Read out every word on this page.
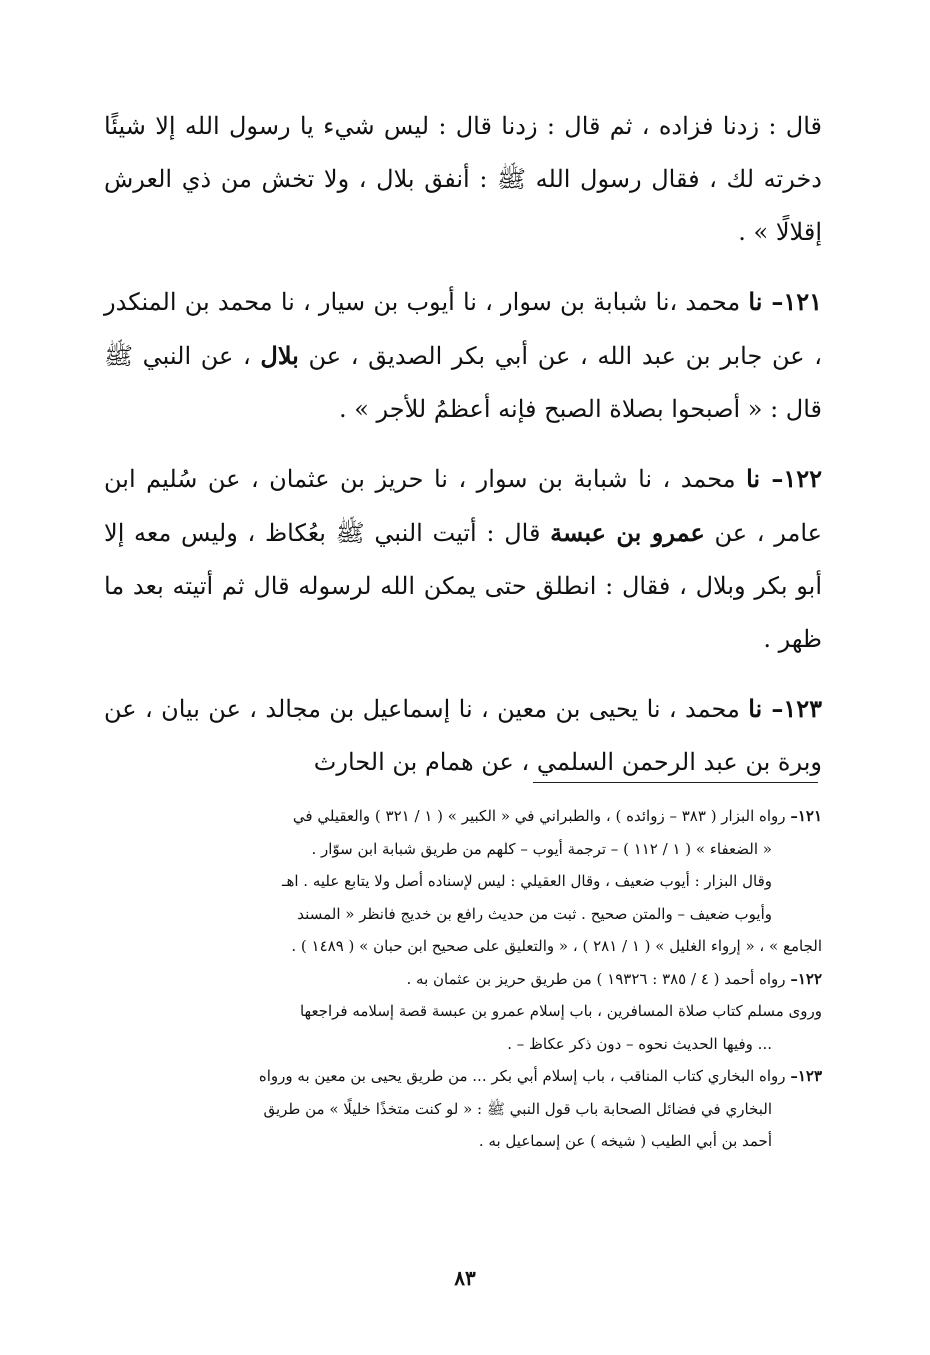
قال : زدنا فزاده ، ثم قال : زدنا قال : ليس شيء يا رسول الله إلا شيئًا دخرته لك ، فقال رسول الله ﷺ : أنفق بلال ، ولا تخش من ذي العرش إقلالًا » .

١٢١– نا محمد ،نا شبابة بن سوار ، نا أيوب بن سيار ، نا محمد بن المنكدر ، عن جابر بن عبد الله ، عن أبي بكر الصديق ، عن بلال ، عن النبي ﷺ قال : « أصبحوا بصلاة الصبح فإنه أعظمُ للأجر » .

١٢٢– نا محمد ، نا شبابة بن سوار ، نا حريز بن عثمان ، عن سُليم ابن عامر ، عن عمرو بن عبسة قال : أتيت النبي ﷺ بعُكاظ ، وليس معه إلا أبو بكر وبلال ، فقال : انطلق حتى يمكن الله لرسوله قال ثم أتيته بعد ما ظهر .

١٢٣– نا محمد ، نا يحيى بن معين ، نا إسماعيل بن مجالد ، عن بيان ، عن وبرة بن عبد الرحمن السلمي ، عن همام بن الحارث

١٢١– رواه البزار ( ٣٨٣ – زوائده ) ، والطبراني في « الكبير » ( ١ / ٣٢١ ) والعقيلي في

« الضعفاء » ( ١ / ١١٢ ) – ترجمة أيوب – كلهم من طريق شبابة ابن سوّار .

وقال البزار : أيوب ضعيف ، وقال العقيلي : ليس لإسناده أصل ولا يتابع عليه . اهـ

وأيوب ضعيف – والمتن صحيح . ثبت من حديث رافع بن خديج فانظر « المسند

الجامع » ، « إرواء الغليل » ( ١ / ٢٨١ ) ، « والتعليق على صحيح ابن حبان » ( ١٤٨٩ ) .

١٢٢– رواه أحمد ( ٤ / ٣٨٥ : ١٩٣٢٦ ) من طريق حريز بن عثمان به .

وروى مسلم كتاب صلاة المسافرين ، باب إسلام عمرو بن عبسة قصة إسلامه فراجعها

... وفيها الحديث نحوه – دون ذكر عكاظ – .

١٢٣– رواه البخاري كتاب المناقب ، باب إسلام أبي بكر ... من طريق يحيى بن معين به ورواه

البخاري في فضائل الصحابة باب قول النبي ﷺ : « لو كنت متخذًا خليلًا » من طريق

أحمد بن أبي الطيب ( شيخه ) عن إسماعيل به .

٨٣
